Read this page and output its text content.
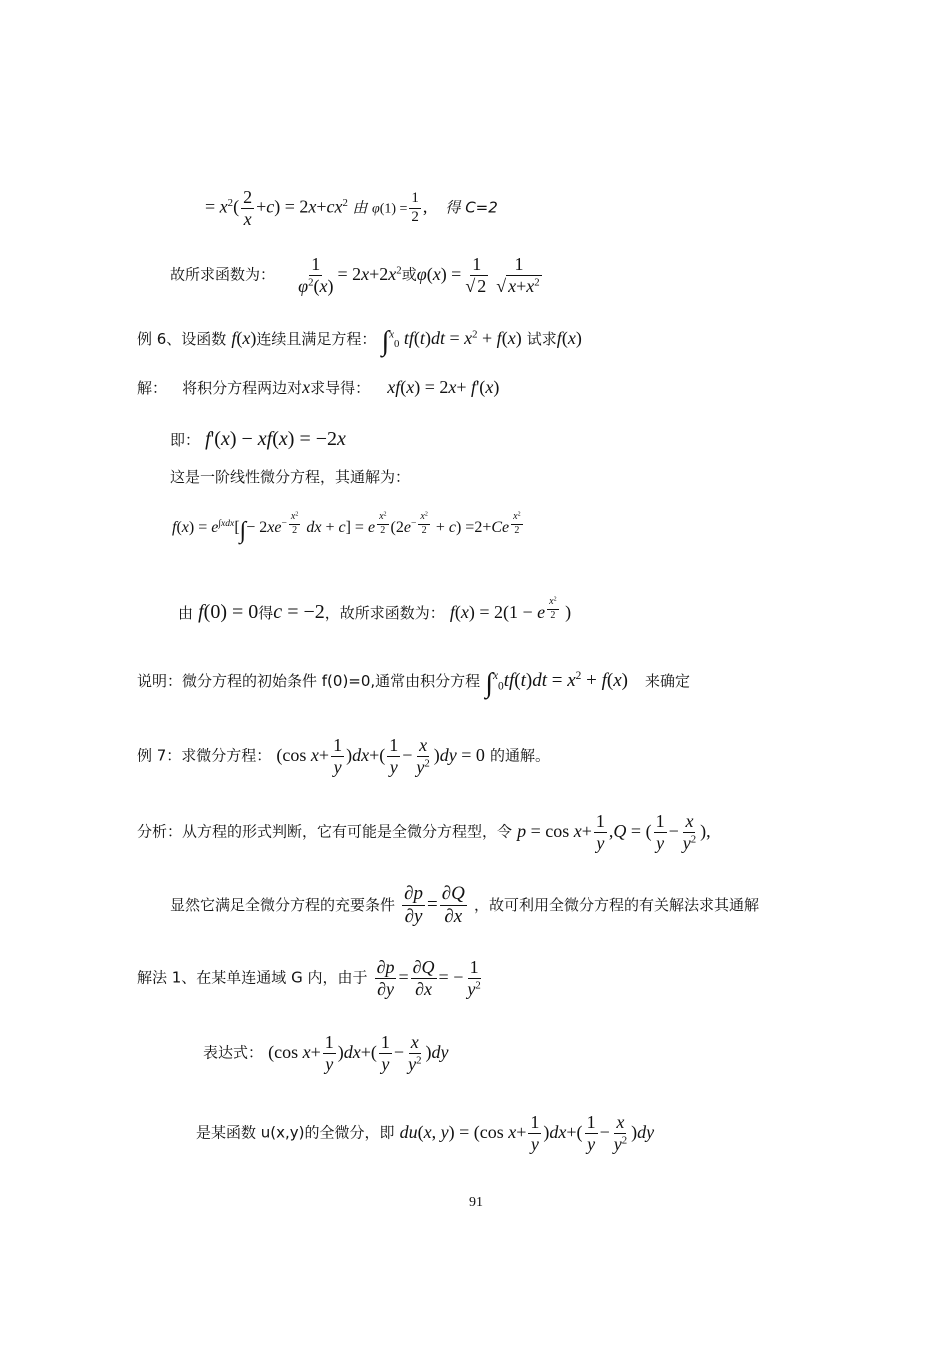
= $x^2( \frac{2}{x} +c) = 2x+cx^2$ 由 $\varphi(1) = \frac{1}{2}$ , 得 C=2
故所求函数为： $\frac{1}{\varphi^2(x)} = 2x+2x^2$或$\varphi(x) = \frac{1}{√ 2} \frac{1}{√ x+x^2}$
例 6、设函数 f(x)连续且满足方程： ∫$^x_0$ $tf(t)dt = x^2 + f(x)$ 试求f(x)
解： 将积分方程两边对x求导得： xf(x) = 2x+ f'(x)
即： f'(x) − xf(x) = −2x
这是一阶线性微分方程，其通解为：
$f(x) = e^{\int xdx}[\int- 2xe^{- \frac{x^2}{2}}$ dx + c] = e $^{\frac{x^2}{2}}$ $(2e^{- \frac{x^2}{2}} + c) =2+Ce$ $^{\frac{x^2}{2}}$
由 f(0) = 0得c = −2，故所求函数为： f(x) = 2(1 − e $^{\frac{x^2}{2}}$ )
说明：微分方程的初始条件 f(0)=0,通常由积分方程 $\int^x_0tf(t)dt = x^2 + f(x)$ 来确定
例 7：求微分方程： (cos $x+ \frac{1}{y} )dx+( \frac{1}{y} - \frac{x}{y^2} )dy = 0$ 的通解。
分析：从方程的形式判断，它有可能是全微分方程型，令 $p = \cos x+ \frac{1}{y} ,Q$ = ( $\frac{1}{y} - \frac{x}{y^2}$ ),
显然它满足全微分方程的充要条件 $\frac{\partial p}{\partial y} = \frac{\partial Q}{\partial x}$ ，故可利用全微分方程的有关解法求其通解
解法 1、在某单连通域 G 内，由于 $\frac{\partial p}{\partial y} = \frac{\partial Q}{\partial x}$ = − $\frac{1}{y^2}$
表达式： (cos $x+ \frac{1}{y} )dx+( \frac{1}{y} - \frac{x}{y^2} )dy$
是某函数 u(x,y)的全微分，即 du(x, y) = (cos $x+ \frac{1}{y} )dx+( \frac{1}{y} - \frac{x}{y^2} )dy$
91
